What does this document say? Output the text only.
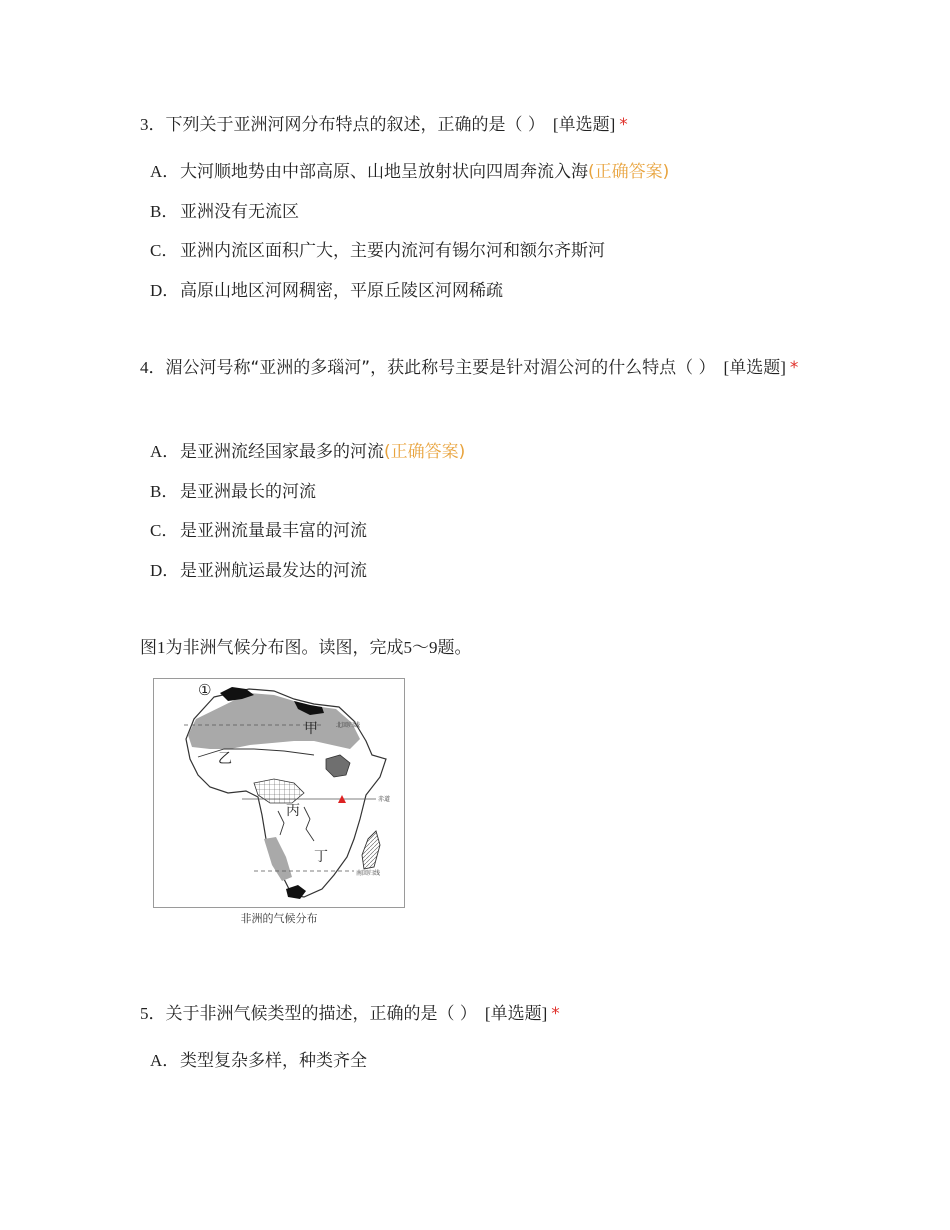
3．下列关于亚洲河网分布特点的叙述，正确的是（ ） [单选题] *
A．大河顺地势由中部高原、山地呈放射状向四周奔流入海(正确答案)
B．亚洲没有无流区
C．亚洲内流区面积广大，主要内流河有锡尔河和额尔齐斯河
D．高原山地区河网稠密，平原丘陵区河网稀疏
4．湄公河号称“亚洲的多瑙河”，获此称号主要是针对湄公河的什么特点（ ） [单选题] *
A．是亚洲流经国家最多的河流(正确答案)
B．是亚洲最长的河流
C．是亚洲流量最丰富的河流
D．是亚洲航运最发达的河流
图1为非洲气候分布图。读图，完成5～9题。
①
甲
乙
丙
丁
北回归线
赤道
南回归线
非洲的气候分布
5．关于非洲气候类型的描述，正确的是（ ） [单选题] *
A．类型复杂多样，种类齐全
